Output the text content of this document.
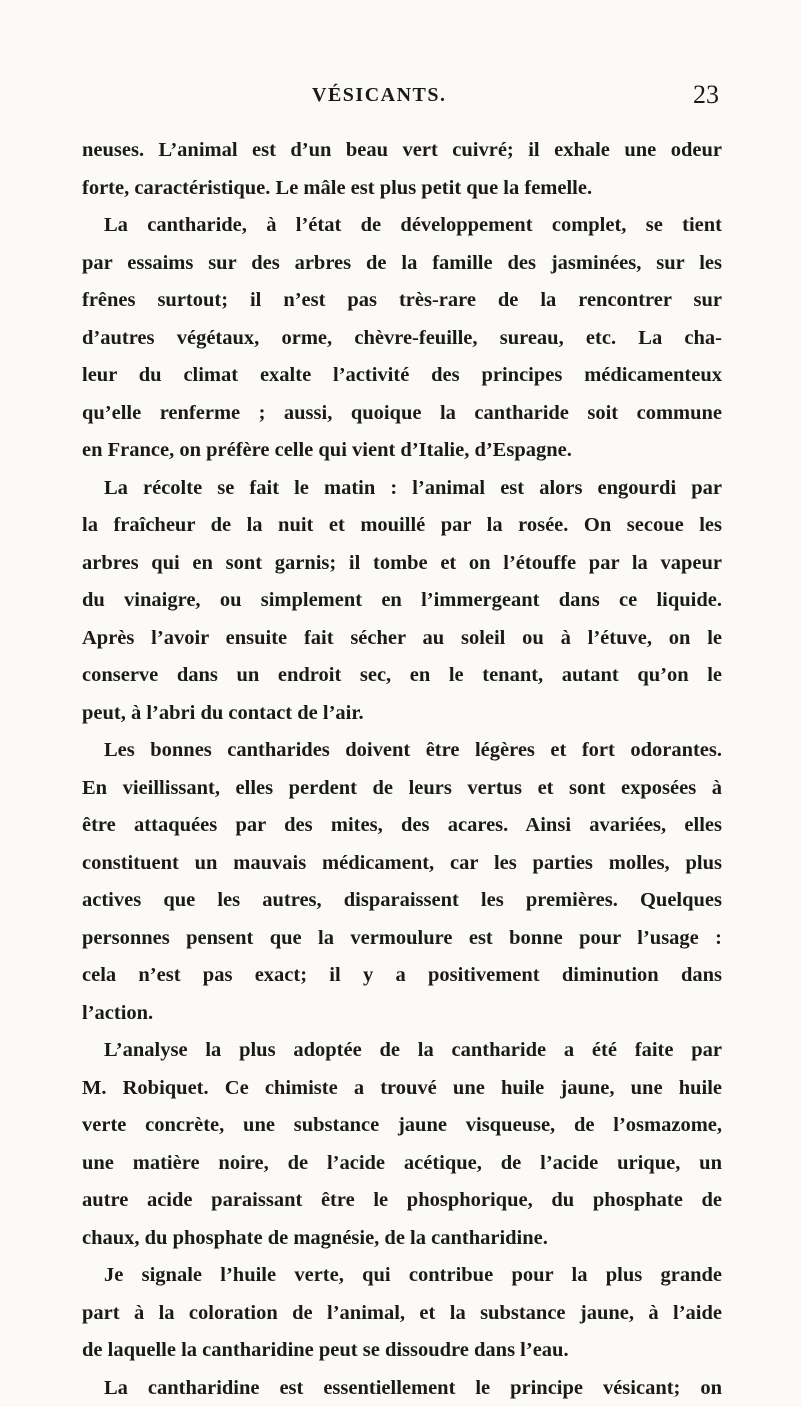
VÉSICANTS.	23
neuses. L’animal est d’un beau vert cuivré; il exhale une odeur
forte, caractéristique. Le mâle est plus petit que la femelle.
La cantharide, à l’état de développement complet, se tient
par essaims sur des arbres de la famille des jasminées, sur les
frênes surtout; il n’est pas très-rare de la rencontrer sur
d’autres végétaux, orme, chèvre-feuille, sureau, etc. La cha-
leur du climat exalte l’activité des principes médicamenteux
qu’elle renferme ; aussi, quoique la cantharide soit commune
en France, on préfère celle qui vient d’Italie, d’Espagne.
La récolte se fait le matin : l’animal est alors engourdi par
la fraîcheur de la nuit et mouillé par la rosée. On secoue les
arbres qui en sont garnis; il tombe et on l’étouffe par la vapeur
du vinaigre, ou simplement en l’immergeant dans ce liquide.
Après l’avoir ensuite fait sécher au soleil ou à l’étuve, on le
conserve dans un endroit sec, en le tenant, autant qu’on le
peut, à l’abri du contact de l’air.
Les bonnes cantharides doivent être légères et fort odorantes.
En vieillissant, elles perdent de leurs vertus et sont exposées à
être attaquées par des mites, des acares. Ainsi avariées, elles
constituent un mauvais médicament, car les parties molles, plus
actives que les autres, disparaissent les premières. Quelques
personnes pensent que la vermoulure est bonne pour l’usage :
cela n’est pas exact; il y a positivement diminution dans
l’action.
L’analyse la plus adoptée de la cantharide a été faite par
M. Robiquet. Ce chimiste a trouvé une huile jaune, une huile
verte concrète, une substance jaune visqueuse, de l’osmazome,
une matière noire, de l’acide acétique, de l’acide urique, un
autre acide paraissant être le phosphorique, du phosphate de
chaux, du phosphate de magnésie, de la cantharidine.
Je signale l’huile verte, qui contribue pour la plus grande
part à la coloration de l’animal, et la substance jaune, à l’aide
de laquelle la cantharidine peut se dissoudre dans l’eau.
La cantharidine est essentiellement le principe vésicant; on
